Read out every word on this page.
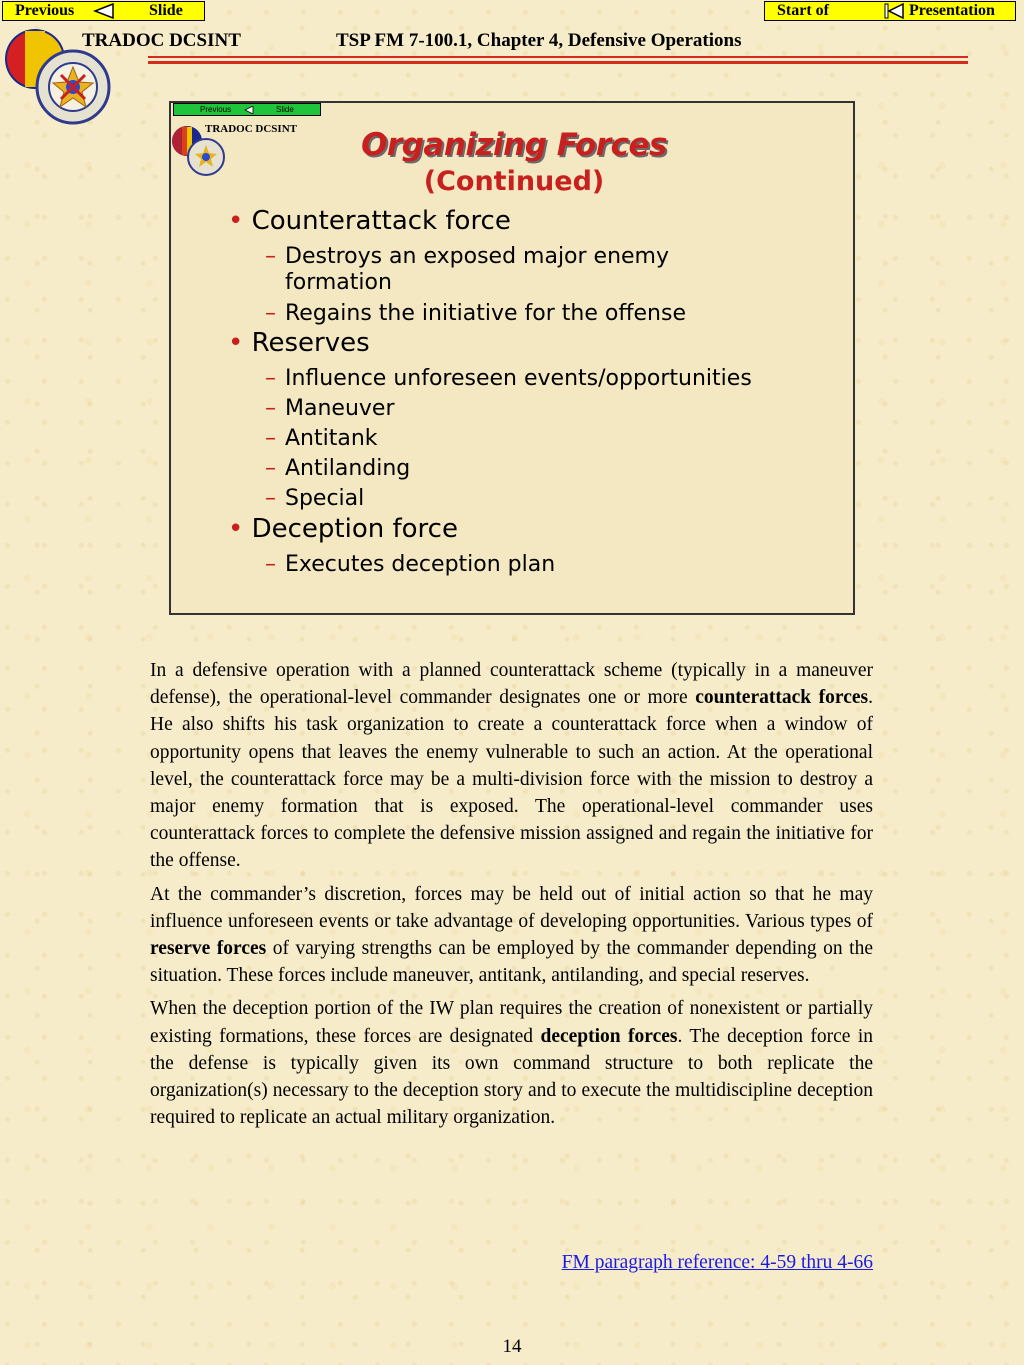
Previous	Slide	Start of	Presentation
TRADOC DCSINT	TSP FM 7-100.1, Chapter 4, Defensive Operations
Previous	Slide
TRADOC DCSINT	Organizing Forces
(Continued)
• Counterattack force
– Destroys an exposed major enemy formation
– Regains the initiative for the offense
• Reserves
– Influence unforeseen events/opportunities
– Maneuver
– Antitank
– Antilanding
– Special
• Deception force
– Executes deception plan

In a defensive operation with a planned counterattack scheme (typically in a maneuver defense), the operational-level commander designates one or more counterattack forces. He also shifts his task organization to create a counterattack force when a window of opportunity opens that leaves the enemy vulnerable to such an action. At the operational level, the counterattack force may be a multi-division force with the mission to destroy a major enemy formation that is exposed. The operational-level commander uses counterattack forces to complete the defensive mission assigned and regain the initiative for the offense.

At the commander’s discretion, forces may be held out of initial action so that he may influence unforeseen events or take advantage of developing opportunities. Various types of reserve forces of varying strengths can be employed by the commander depending on the situation. These forces include maneuver, antitank, antilanding, and special reserves.

When the deception portion of the IW plan requires the creation of nonexistent or partially existing formations, these forces are designated deception forces. The deception force in the defense is typically given its own command structure to both replicate the organization(s) necessary to the deception story and to execute the multidiscipline deception required to replicate an actual military organization.

FM paragraph reference: 4-59 thru 4-66
14
